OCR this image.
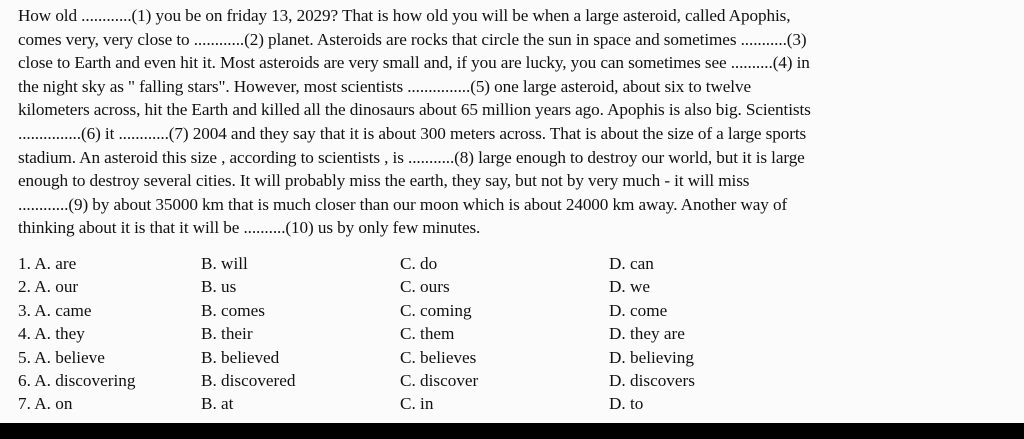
How old ............(1) you be on friday 13, 2029? That is how old you will be when a large asteroid, called Apophis,
comes very, very close to ............(2) planet. Asteroids are rocks that circle the sun in space and sometimes ...........(3)
close to Earth and even hit it. Most asteroids are very small and, if you are lucky, you can sometimes see ..........(4) in
the night sky as " falling stars". However, most scientists ...............(5) one large asteroid, about six to twelve
kilometers across, hit the Earth and killed all the dinosaurs about 65 million years ago. Apophis is also big. Scientists
...............(6) it ............(7) 2004 and they say that it is about 300 meters across. That is about the size of a large sports
stadium. An asteroid this size , according to scientists , is ...........(8) large enough to destroy our world, but it is large
enough to destroy several cities. It will probably miss the earth, they say, but not by very much - it will miss
............(9) by about 35000 km that is much closer than our moon which is about 24000 km away. Another way of
thinking about it is that it will be ..........(10) us by only few minutes.
1. A. are	B. will	C. do	D. can
2. A. our	B. us	C. ours	D. we
3. A. came	B. comes	C. coming	D. come
4. A. they	B. their	C. them	D. they are
5. A. believe	B. believed	C. believes	D. believing
6. A. discovering	B. discovered	C. discover	D. discovers
7. A. on	B. at	C. in	D. to
